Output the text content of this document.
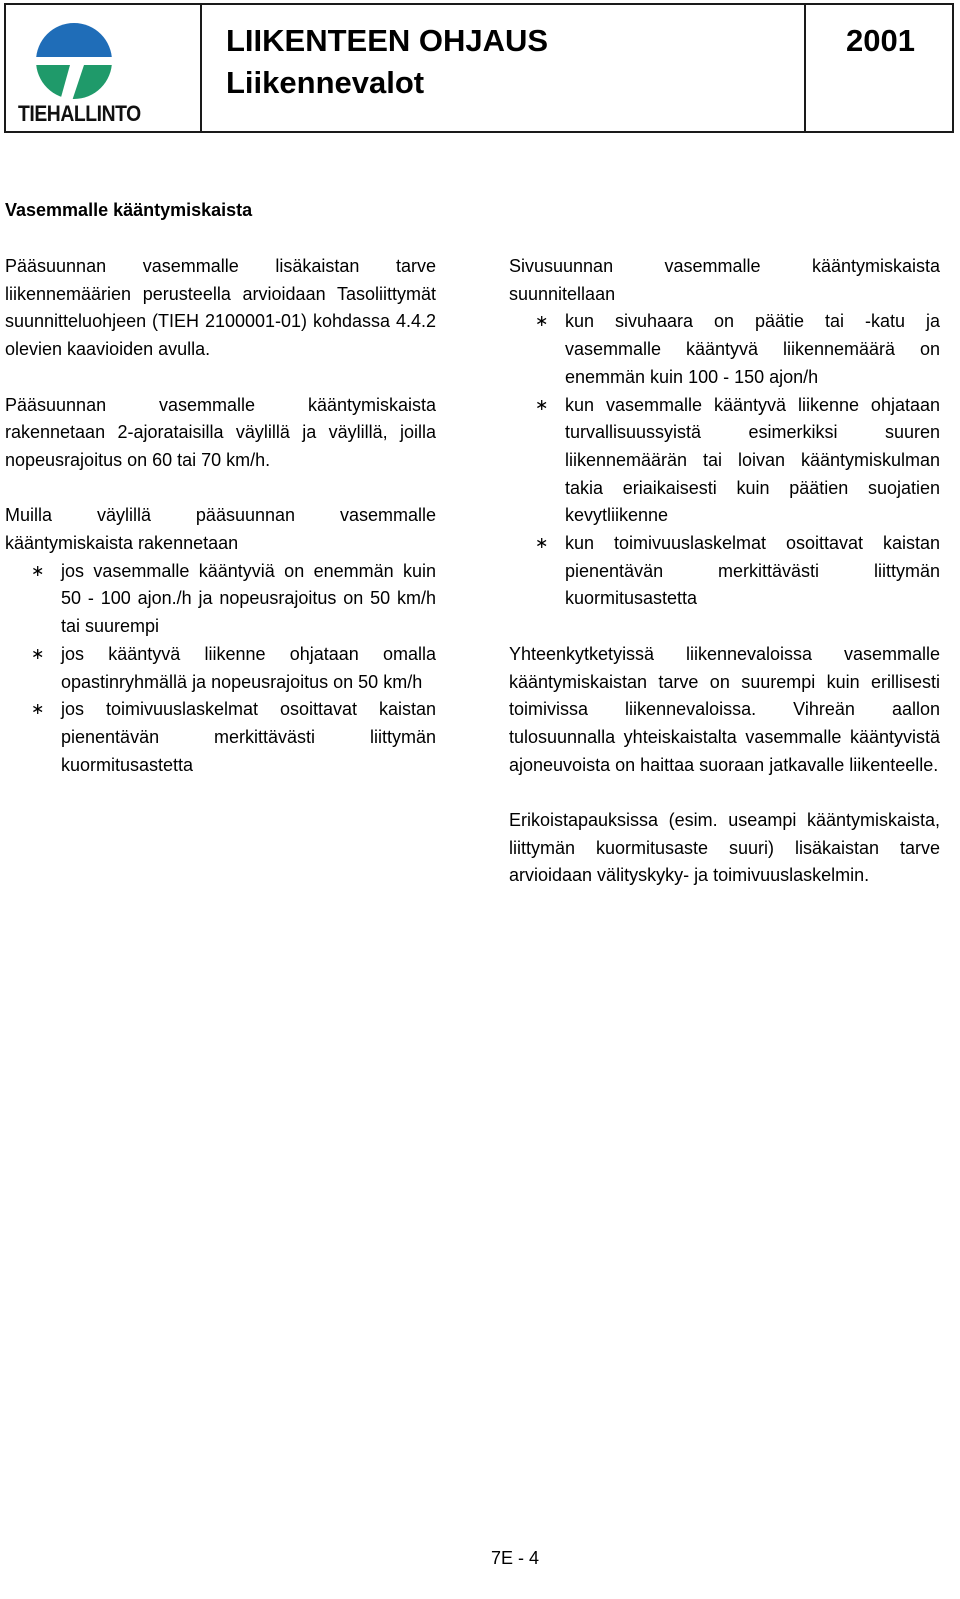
TIEHALLINTO
LIIKENTEEN OHJAUS
Liikennevalot
2001
Vasemmalle kääntymiskaista

Pääsuunnan vasemmalle lisäkaistan tarve liikennemäärien perusteella arvioidaan Tasoliittymät suunnitteluohjeen (TIEH 2100001-01) kohdassa 4.4.2 olevien kaavioiden avulla.

Pääsuunnan vasemmalle kääntymiskaista rakennetaan 2-ajorataisilla väylillä ja väylillä, joilla nopeusrajoitus on 60 tai 70 km/h.

Muilla väylillä pääsuunnan vasemmalle kääntymiskaista rakennetaan

∗ jos vasemmalle kääntyviä on enemmän kuin 50 - 100 ajon./h ja nopeusrajoitus on 50 km/h tai suurempi
∗ jos kääntyvä liikenne ohjataan omalla opastinryhmällä ja nopeusrajoitus on 50 km/h
∗ jos toimivuuslaskelmat osoittavat kaistan pienentävän merkittävästi liittymän kuormitusastetta

Sivusuunnan vasemmalle kääntymiskaista suunnitellaan

∗ kun sivuhaara on päätie tai -katu ja vasemmalle kääntyvä liikennemäärä on enemmän kuin 100 - 150 ajon/h
∗ kun vasemmalle kääntyvä liikenne ohjataan turvallisuussyistä esimerkiksi suuren liikennemäärän tai loivan kääntymiskulman takia eriaikaisesti kuin päätien suojatien kevytliikenne
∗ kun toimivuuslaskelmat osoittavat kaistan pienentävän merkittävästi liittymän kuormitusastetta

Yhteenkytketyissä liikennevaloissa vasemmalle kääntymiskaistan tarve on suurempi kuin erillisesti toimivissa liikennevaloissa. Vihreän aallon tulosuunnalla yhteiskaistalta vasemmalle kääntyvistä ajoneuvoista on haittaa suoraan jatkavalle liikenteelle.

Erikoistapauksissa (esim. useampi kääntymiskaista, liittymän kuormitusaste suuri) lisäkaistan tarve arvioidaan välityskyky- ja toimivuuslaskelmin.

7E - 4
